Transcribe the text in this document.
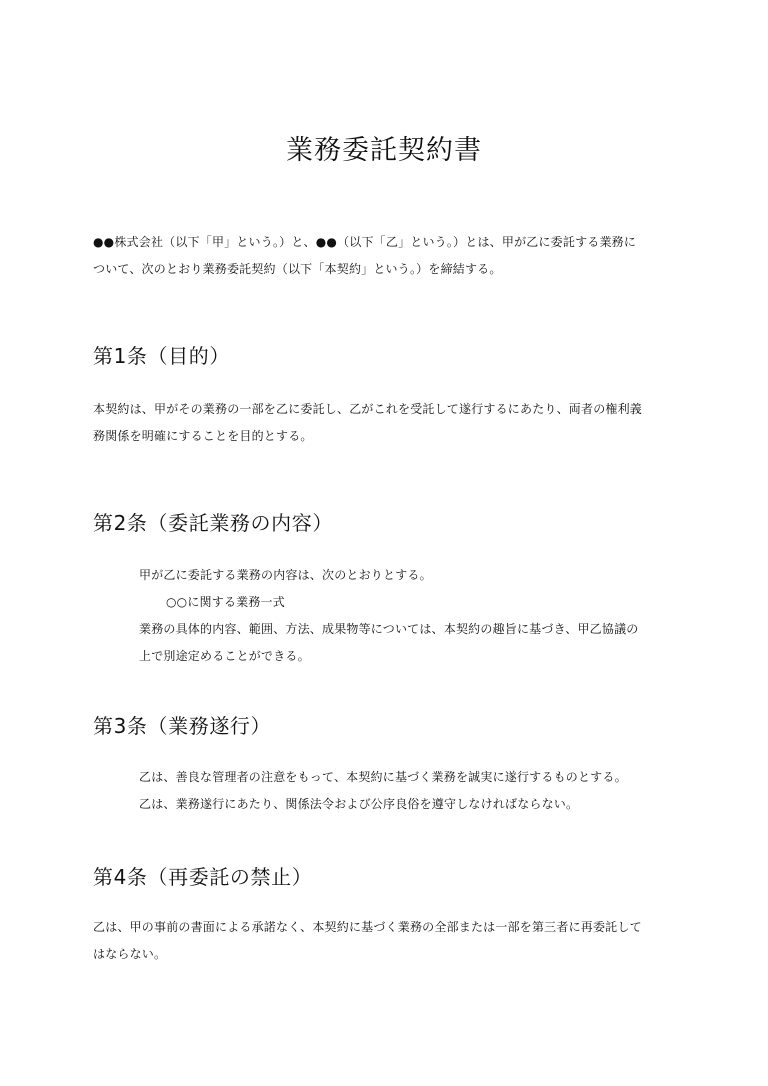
業務委託契約書

●●株式会社（以下「甲」という。）と、●●（以下「乙」という。）とは、甲が乙に委託する業務に

ついて、次のとおり業務委託契約（以下「本契約」という。）を締結する。

第1条（目的）

本契約は、甲がその業務の一部を乙に委託し、乙がこれを受託して遂行するにあたり、両者の権利義

務関係を明確にすることを目的とする。

第2条（委託業務の内容）

甲が乙に委託する業務の内容は、次のとおりとする。

○○に関する業務一式

業務の具体的内容、範囲、方法、成果物等については、本契約の趣旨に基づき、甲乙協議の

上で別途定めることができる。

第3条（業務遂行）

乙は、善良な管理者の注意をもって、本契約に基づく業務を誠実に遂行するものとする。

乙は、業務遂行にあたり、関係法令および公序良俗を遵守しなければならない。

第4条（再委託の禁止）

乙は、甲の事前の書面による承諾なく、本契約に基づく業務の全部または一部を第三者に再委託して

はならない。
